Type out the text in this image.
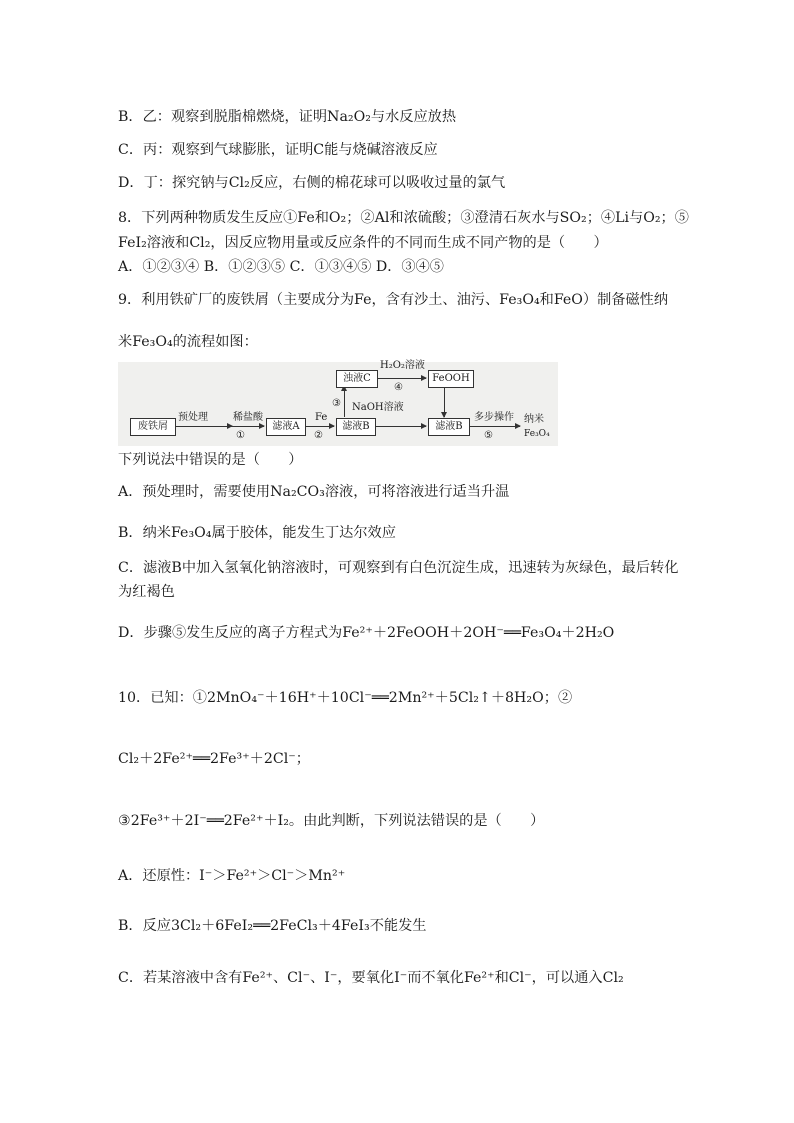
B．乙：观察到脱脂棉燃烧，证明Na₂O₂与水反应放热
C．丙：观察到气球膨胀，证明C能与烧碱溶液反应
D．丁：探究钠与Cl₂反应，右侧的棉花球可以吸收过量的氯气
8．下列两种物质发生反应①Fe和O₂；②Al和浓硫酸；③澄清石灰水与SO₂；④Li与O₂；⑤
FeI₂溶液和Cl₂，因反应物用量或反应条件的不同而生成不同产物的是（　　）
A．①②③④ B．①②③⑤ C．①③④⑤ D．③④⑤
9．利用铁矿厂的废铁屑（主要成分为Fe，含有沙土、油污、Fe₃O₄和FeO）制备磁性纳
米Fe₃O₄的流程如图：
废铁屑
预处理	稀盐酸
①
滤液A
Fe
②
滤液B
③ NaOH溶液
浊液C
H₂O₂溶液
④
FeOOH
滤液B
多步操作
⑤
纳米
Fe₃O₄
下列说法中错误的是（　　）
A．预处理时，需要使用Na₂CO₃溶液，可将溶液进行适当升温
B．纳米Fe₃O₄属于胶体，能发生丁达尔效应
C．滤液B中加入氢氧化钠溶液时，可观察到有白色沉淀生成，迅速转为灰绿色，最后转化
为红褐色
D．步骤⑤发生反应的离子方程式为Fe²⁺＋2FeOOH＋2OH⁻══Fe₃O₄＋2H₂O
10．已知：①2MnO₄⁻＋16H⁺＋10Cl⁻══2Mn²⁺＋5Cl₂↑＋8H₂O；②
Cl₂＋2Fe²⁺══2Fe³⁺＋2Cl⁻；
③2Fe³⁺＋2I⁻══2Fe²⁺＋I₂。由此判断，下列说法错误的是（　　）
A．还原性：I⁻＞Fe²⁺＞Cl⁻＞Mn²⁺
B．反应3Cl₂＋6FeI₂══2FeCl₃＋4FeI₃不能发生
C．若某溶液中含有Fe²⁺、Cl⁻、I⁻，要氧化I⁻而不氧化Fe²⁺和Cl⁻，可以通入Cl₂
